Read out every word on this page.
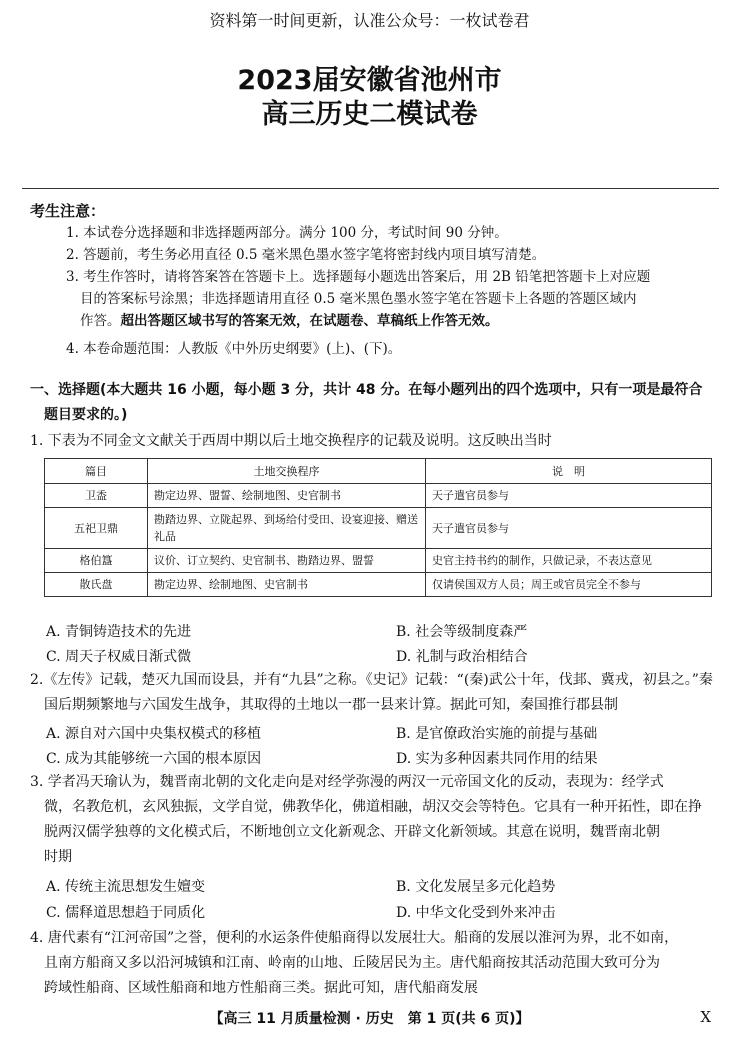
资料第一时间更新，认准公众号：一枚试卷君
2023届安徽省池州市
高三历史二模试卷
考生注意：
1. 本试卷分选择题和非选择题两部分。满分 100 分，考试时间 90 分钟。
2. 答题前，考生务必用直径 0.5 毫米黑色墨水签字笔将密封线内项目填写清楚。
3. 考生作答时，请将答案答在答题卡上。选择题每小题选出答案后，用 2B 铅笔把答题卡上对应题
目的答案标号涂黑；非选择题请用直径 0.5 毫米黑色墨水签字笔在答题卡上各题的答题区域内
作答。超出答题区域书写的答案无效，在试题卷、草稿纸上作答无效。
4. 本卷命题范围：人教版《中外历史纲要》(上)、(下)。
一、选择题(本大题共 16 小题，每小题 3 分，共计 48 分。在每小题列出的四个选项中，只有一项是最符合
题目要求的。)
1. 下表为不同金文文献关于西周中期以后土地交换程序的记载及说明。这反映出当时
篇目	土地交换程序	说　明
卫盉	勘定边界、盟誓、绘制地图、史官制书	天子遣官员参与
五祀卫鼎	勘踏边界、立陇起界、到场给付受田、设宴迎接、赠送礼品	天子遣官员参与
格伯簋	议价、订立契约、史官制书、勘踏边界、盟誓	史官主持书约的制作，只做记录，不表达意见
散氏盘	勘定边界、绘制地图、史官制书	仅请侯国双方人员；周王或官员完全不参与
A. 青铜铸造技术的先进	B. 社会等级制度森严
C. 周天子权威日渐式微	D. 礼制与政治相结合
2.《左传》记载，楚灭九国而设县，并有“九县”之称。《史记》记载：“(秦)武公十年，伐邽、冀戎，初县之。”秦
国后期频繁地与六国发生战争，其取得的土地以一郡一县来计算。据此可知，秦国推行郡县制
A. 源自对六国中央集权模式的移植	B. 是官僚政治实施的前提与基础
C. 成为其能够统一六国的根本原因	D. 实为多种因素共同作用的结果
3. 学者冯天瑜认为，魏晋南北朝的文化走向是对经学弥漫的两汉一元帝国文化的反动，表现为：经学式
微，名教危机，玄风独振，文学自觉，佛教华化，佛道相融，胡汉交会等特色。它具有一种开拓性，即在挣
脱两汉儒学独尊的文化模式后，不断地创立文化新观念、开辟文化新领域。其意在说明，魏晋南北朝
时期
A. 传统主流思想发生嬗变	B. 文化发展呈多元化趋势
C. 儒释道思想趋于同质化	D. 中华文化受到外来冲击
4. 唐代素有“江河帝国”之誉，便利的水运条件使船商得以发展壮大。船商的发展以淮河为界，北不如南，
且南方船商又多以沿河城镇和江南、岭南的山地、丘陵居民为主。唐代船商按其活动范围大致可分为
跨域性船商、区域性船商和地方性船商三类。据此可知，唐代船商发展
【高三 11 月质量检测 · 历史　第 1 页(共 6 页)】	X
